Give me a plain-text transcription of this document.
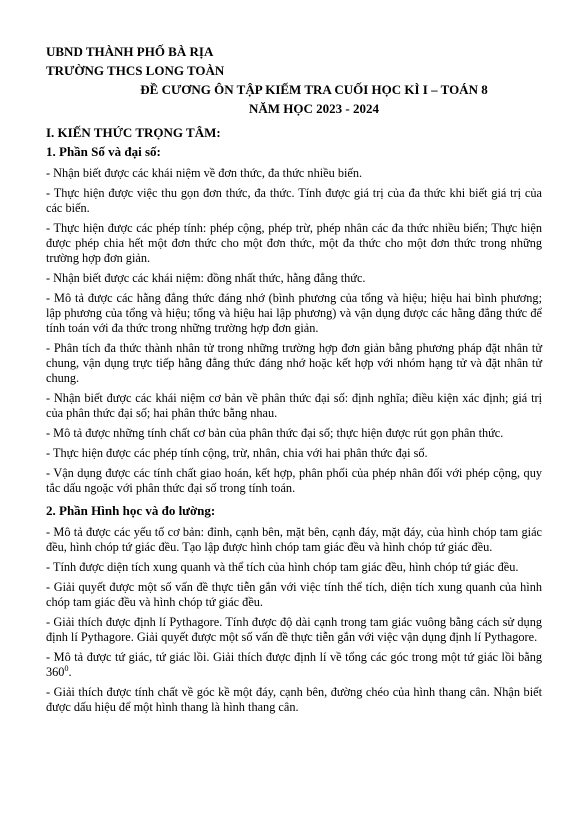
UBND THÀNH PHỐ BÀ RỊA
TRƯỜNG THCS LONG TOÀN
ĐỀ CƯƠNG ÔN TẬP KIẾM TRA CUỐI HỌC KÌ I – TOÁN 8
NĂM HỌC 2023 - 2024
I. KIẾN THỨC TRỌNG TÂM:
1. Phần Số và đại số:
- Nhận biết được các khái niệm về đơn thức, đa thức nhiều biến.
- Thực hiện được việc thu gọn đơn thức, đa thức. Tính được giá trị của đa thức khi biết giá trị của các biến.
- Thực hiện được các phép tính: phép cộng, phép trừ, phép nhân các đa thức nhiều biến; Thực hiện được phép chia hết một đơn thức cho một đơn thức, một đa thức cho một đơn thức trong những trường hợp đơn giản.
- Nhận biết được các khái niệm: đồng nhất thức, hằng đẳng thức.
- Mô tả được các hằng đẳng thức đáng nhớ (bình phương của tổng và hiệu; hiệu hai bình phương; lập phương của tổng và hiệu; tổng và hiệu hai lập phương) và vận dụng được các hằng đẳng thức để tính toán với đa thức trong những trường hợp đơn giản.
- Phân tích đa thức thành nhân tử trong những trường hợp đơn giản bằng phương pháp đặt nhân tử chung, vận dụng trực tiếp hằng đẳng thức đáng nhớ hoặc kết hợp với nhóm hạng tử và đặt nhân tử chung.
- Nhận biết được các khái niệm cơ bản về phân thức đại số: định nghĩa; điều kiện xác định; giá trị của phân thức đại số; hai phân thức bằng nhau.
- Mô tả được những tính chất cơ bản của phân thức đại số; thực hiện được rút gọn phân thức.
- Thực hiện được các phép tính cộng, trừ, nhân, chia với hai phân thức đại số.
- Vận dụng được các tính chất giao hoán, kết hợp, phân phối của phép nhân đối với phép cộng, quy tắc dấu ngoặc với phân thức đại số trong tính toán.
2. Phần Hình học và đo lường:
- Mô tả được các yếu tố cơ bản: đỉnh, cạnh bên, mặt bên, cạnh đáy, mặt đáy, của hình chóp tam giác đều, hình chóp tứ giác đều. Tạo lập được hình chóp tam giác đều và hình chóp tứ giác đều.
- Tính được diện tích xung quanh và thể tích của hình chóp tam giác đều, hình chóp tứ giác đều.
- Giải quyết được một số vấn đề thực tiễn gắn với việc tính thể tích, diện tích xung quanh của hình chóp tam giác đều và hình chóp tứ giác đều.
- Giải thích được định lí Pythagore. Tính được độ dài cạnh trong tam giác vuông bằng cách sử dụng định lí Pythagore. Giải quyết được một số vấn đề thực tiễn gắn với việc vận dụng định lí Pythagore.
- Mô tả được tứ giác, tứ giác lồi. Giải thích được định lí về tổng các góc trong một tứ giác lồi bằng $360^0$.
- Giải thích được tính chất về góc kề một đáy, cạnh bên, đường chéo của hình thang cân. Nhận biết được dấu hiệu để một hình thang là hình thang cân.
